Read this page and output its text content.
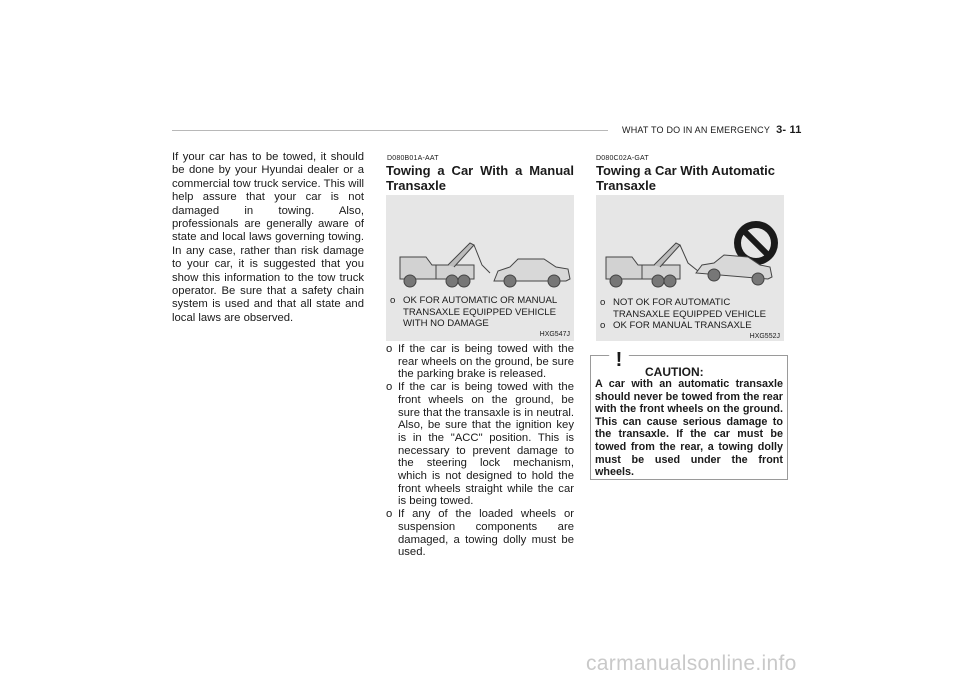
WHAT TO DO IN AN EMERGENCY 3- 11
If your car has to be towed, it should be done by your Hyundai dealer or a commercial tow truck service. This will help assure that your car is not damaged in towing. Also, professionals are generally aware of state and local laws governing towing. In any case, rather than risk damage to your car, it is suggested that you show this information to the tow truck operator. Be sure that a safety chain system is used and that all state and local laws are observed.
D080B01A-AAT
Towing a Car With a Manual Transaxle
o OK FOR AUTOMATIC OR MANUAL TRANSAXLE EQUIPPED VEHICLE WITH NO DAMAGE
HXG547J
o If the car is being towed with the rear wheels on the ground, be sure the parking brake is released.
o If the car is being towed with the front wheels on the ground, be sure that the transaxle is in neutral. Also, be sure that the ignition key is in the "ACC" position. This is necessary to prevent damage to the steering lock mechanism, which is not designed to hold the front wheels straight while the car is being towed.
o If any of the loaded wheels or suspension components are damaged, a towing dolly must be used.
D080C02A-GAT
Towing a Car With Automatic Transaxle
o NOT OK FOR AUTOMATIC TRANSAXLE EQUIPPED VEHICLE
o OK FOR MANUAL TRANSAXLE
HXG552J
!
CAUTION:
A car with an automatic transaxle should never be towed from the rear with the front wheels on the ground. This can cause serious damage to the transaxle. If the car must be towed from the rear, a towing dolly must be used under the front wheels.
carmanualsonline.info
